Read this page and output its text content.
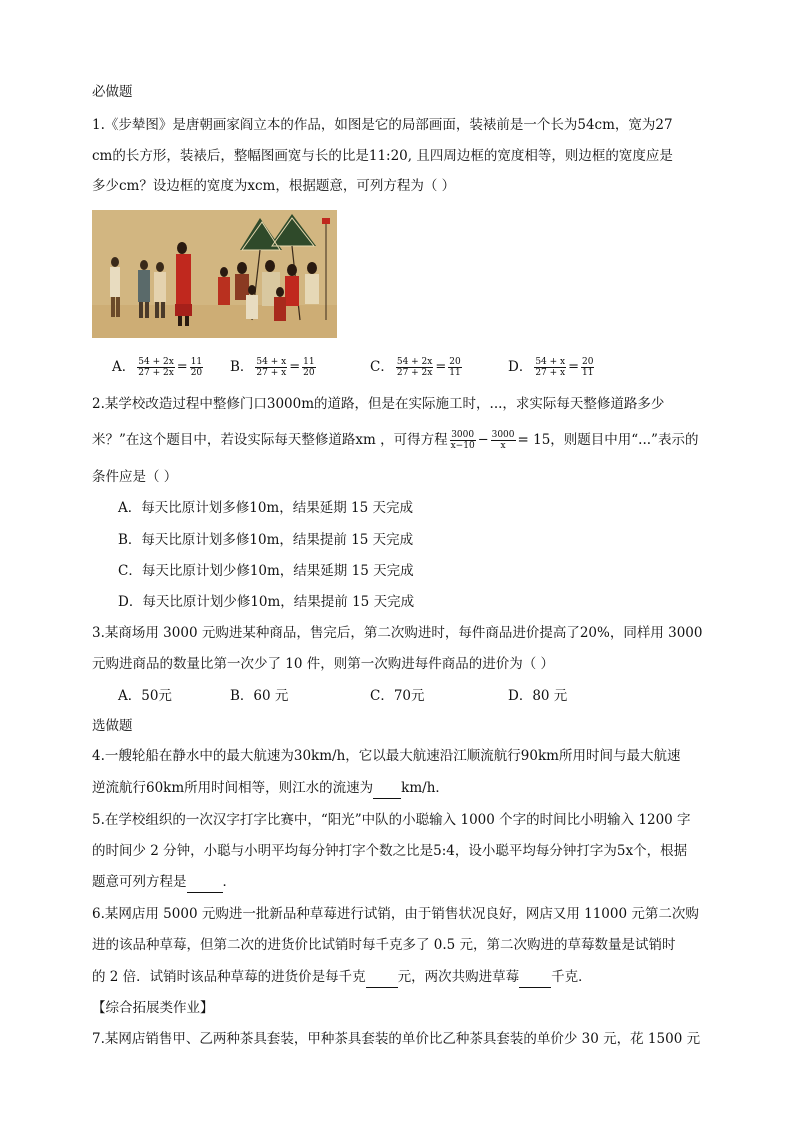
必做题
1.《步辇图》是唐朝画家阎立本的作品，如图是它的局部画面，装裱前是一个长为54cm，宽为27
cm的长方形，装裱后，整幅图画宽与长的比是11:20, 且四周边框的宽度相等，则边框的宽度应是
多少cm？设边框的宽度为xcm，根据题意，可列方程为（ ）
A． $\frac{54 + 2x}{27 + 2x} = \frac{11}{20}$ B． $\frac{54 + x}{27 + x} = \frac{11}{20}$	C． $\frac{54 + 2x}{27 + 2x} = \frac{20}{11}$	D． $\frac{54 + x}{27 + x} = \frac{20}{11}$
2.某学校改造过程中整修门口3000m的道路，但是在实际施工时，...，求实际每天整修道路多少
米？”在这个题目中，若设实际每天整修道路xm ，可得方程 $\frac{3000}{x-10} - \frac{3000}{x} = 15$，则题目中用“...”表示的
条件应是（ ）
A．每天比原计划多修10m，结果延期 15 天完成
B．每天比原计划多修10m，结果提前 15 天完成
C．每天比原计划少修10m，结果延期 15 天完成
D．每天比原计划少修10m，结果提前 15 天完成
3.某商场用 3000 元购进某种商品，售完后，第二次购进时，每件商品进价提高了20%，同样用 3000
元购进商品的数量比第一次少了 10 件，则第一次购进每件商品的进价为（ ）
A．50元	B．60 元	C．70元	D．80 元
选做题
4.一艘轮船在静水中的最大航速为30km/h，它以最大航速沿江顺流航行90km所用时间与最大航速
逆流航行60km所用时间相等，则江水的流速为 km/h．
5.在学校组织的一次汉字打字比赛中，“阳光”中队的小聪输入 1000 个字的时间比小明输入 1200 字
的时间少 2 分钟，小聪与小明平均每分钟打字个数之比是5:4，设小聪平均每分钟打字为5x个，根据
题意可列方程是	．
6.某网店用 5000 元购进一批新品种草莓进行试销，由于销售状况良好，网店又用 11000 元第二次购
进的该品种草莓，但第二次的进货价比试销时每千克多了 0.5 元，第二次购进的草莓数量是试销时
的 2 倍．试销时该品种草莓的进货价是每千克 元，两次共购进草莓 千克．
【综合拓展类作业】
7.某网店销售甲、乙两种茶具套装，甲种茶具套装的单价比乙种茶具套装的单价少 30 元，花 1500 元
